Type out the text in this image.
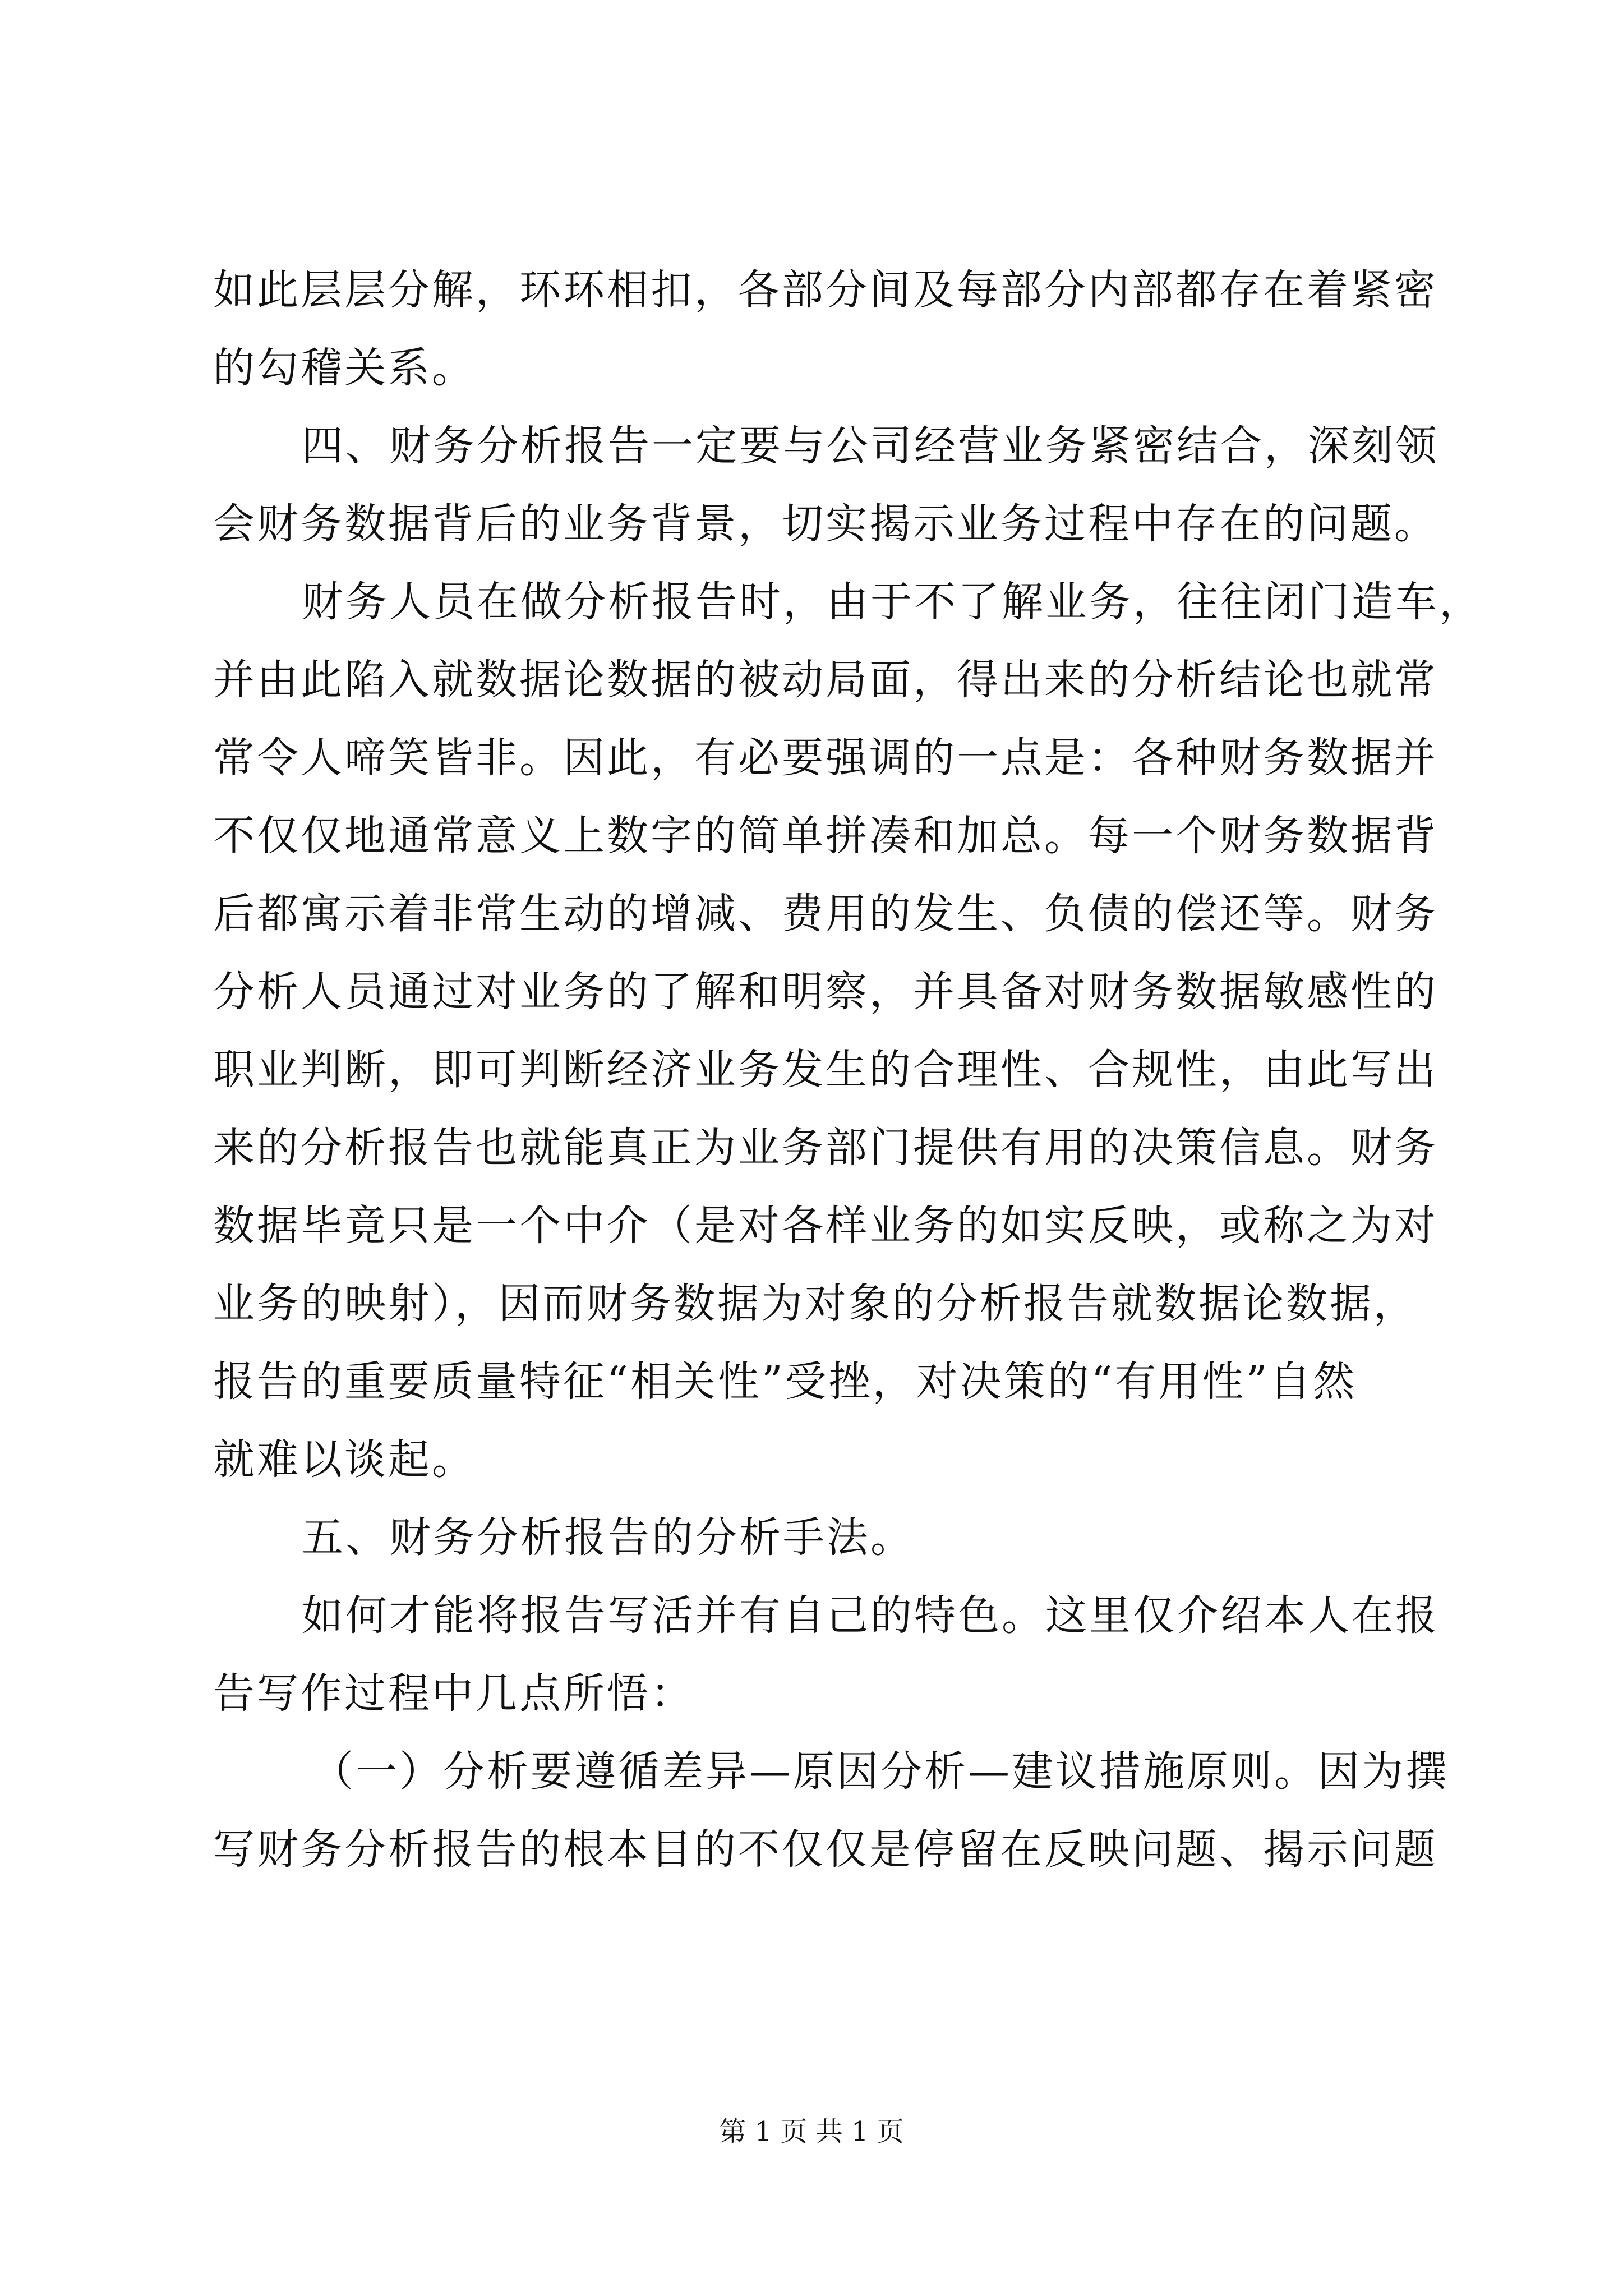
如此层层分解，环环相扣，各部分间及每部分内部都存在着紧密
的勾稽关系。
四、财务分析报告一定要与公司经营业务紧密结合，深刻领
会财务数据背后的业务背景，切实揭示业务过程中存在的问题。
财务人员在做分析报告时，由于不了解业务，往往闭门造车，
并由此陷入就数据论数据的被动局面，得出来的分析结论也就常
常令人啼笑皆非。因此，有必要强调的一点是：各种财务数据并
不仅仅地通常意义上数字的简单拼凑和加总。每一个财务数据背
后都寓示着非常生动的增减、费用的发生、负债的偿还等。财务
分析人员通过对业务的了解和明察，并具备对财务数据敏感性的
职业判断，即可判断经济业务发生的合理性、合规性，由此写出
来的分析报告也就能真正为业务部门提供有用的决策信息。财务
数据毕竟只是一个中介（是对各样业务的如实反映，或称之为对
业务的映射），因而财务数据为对象的分析报告就数据论数据，
报告的重要质量特征“相关性”受挫，对决策的“有用性”自然
就难以谈起。
五、财务分析报告的分析手法。
如何才能将报告写活并有自己的特色。这里仅介绍本人在报
告写作过程中几点所悟：
（一）分析要遵循差异—原因分析—建议措施原则。因为撰
写财务分析报告的根本目的不仅仅是停留在反映问题、揭示问题
第 1 页 共 1 页
